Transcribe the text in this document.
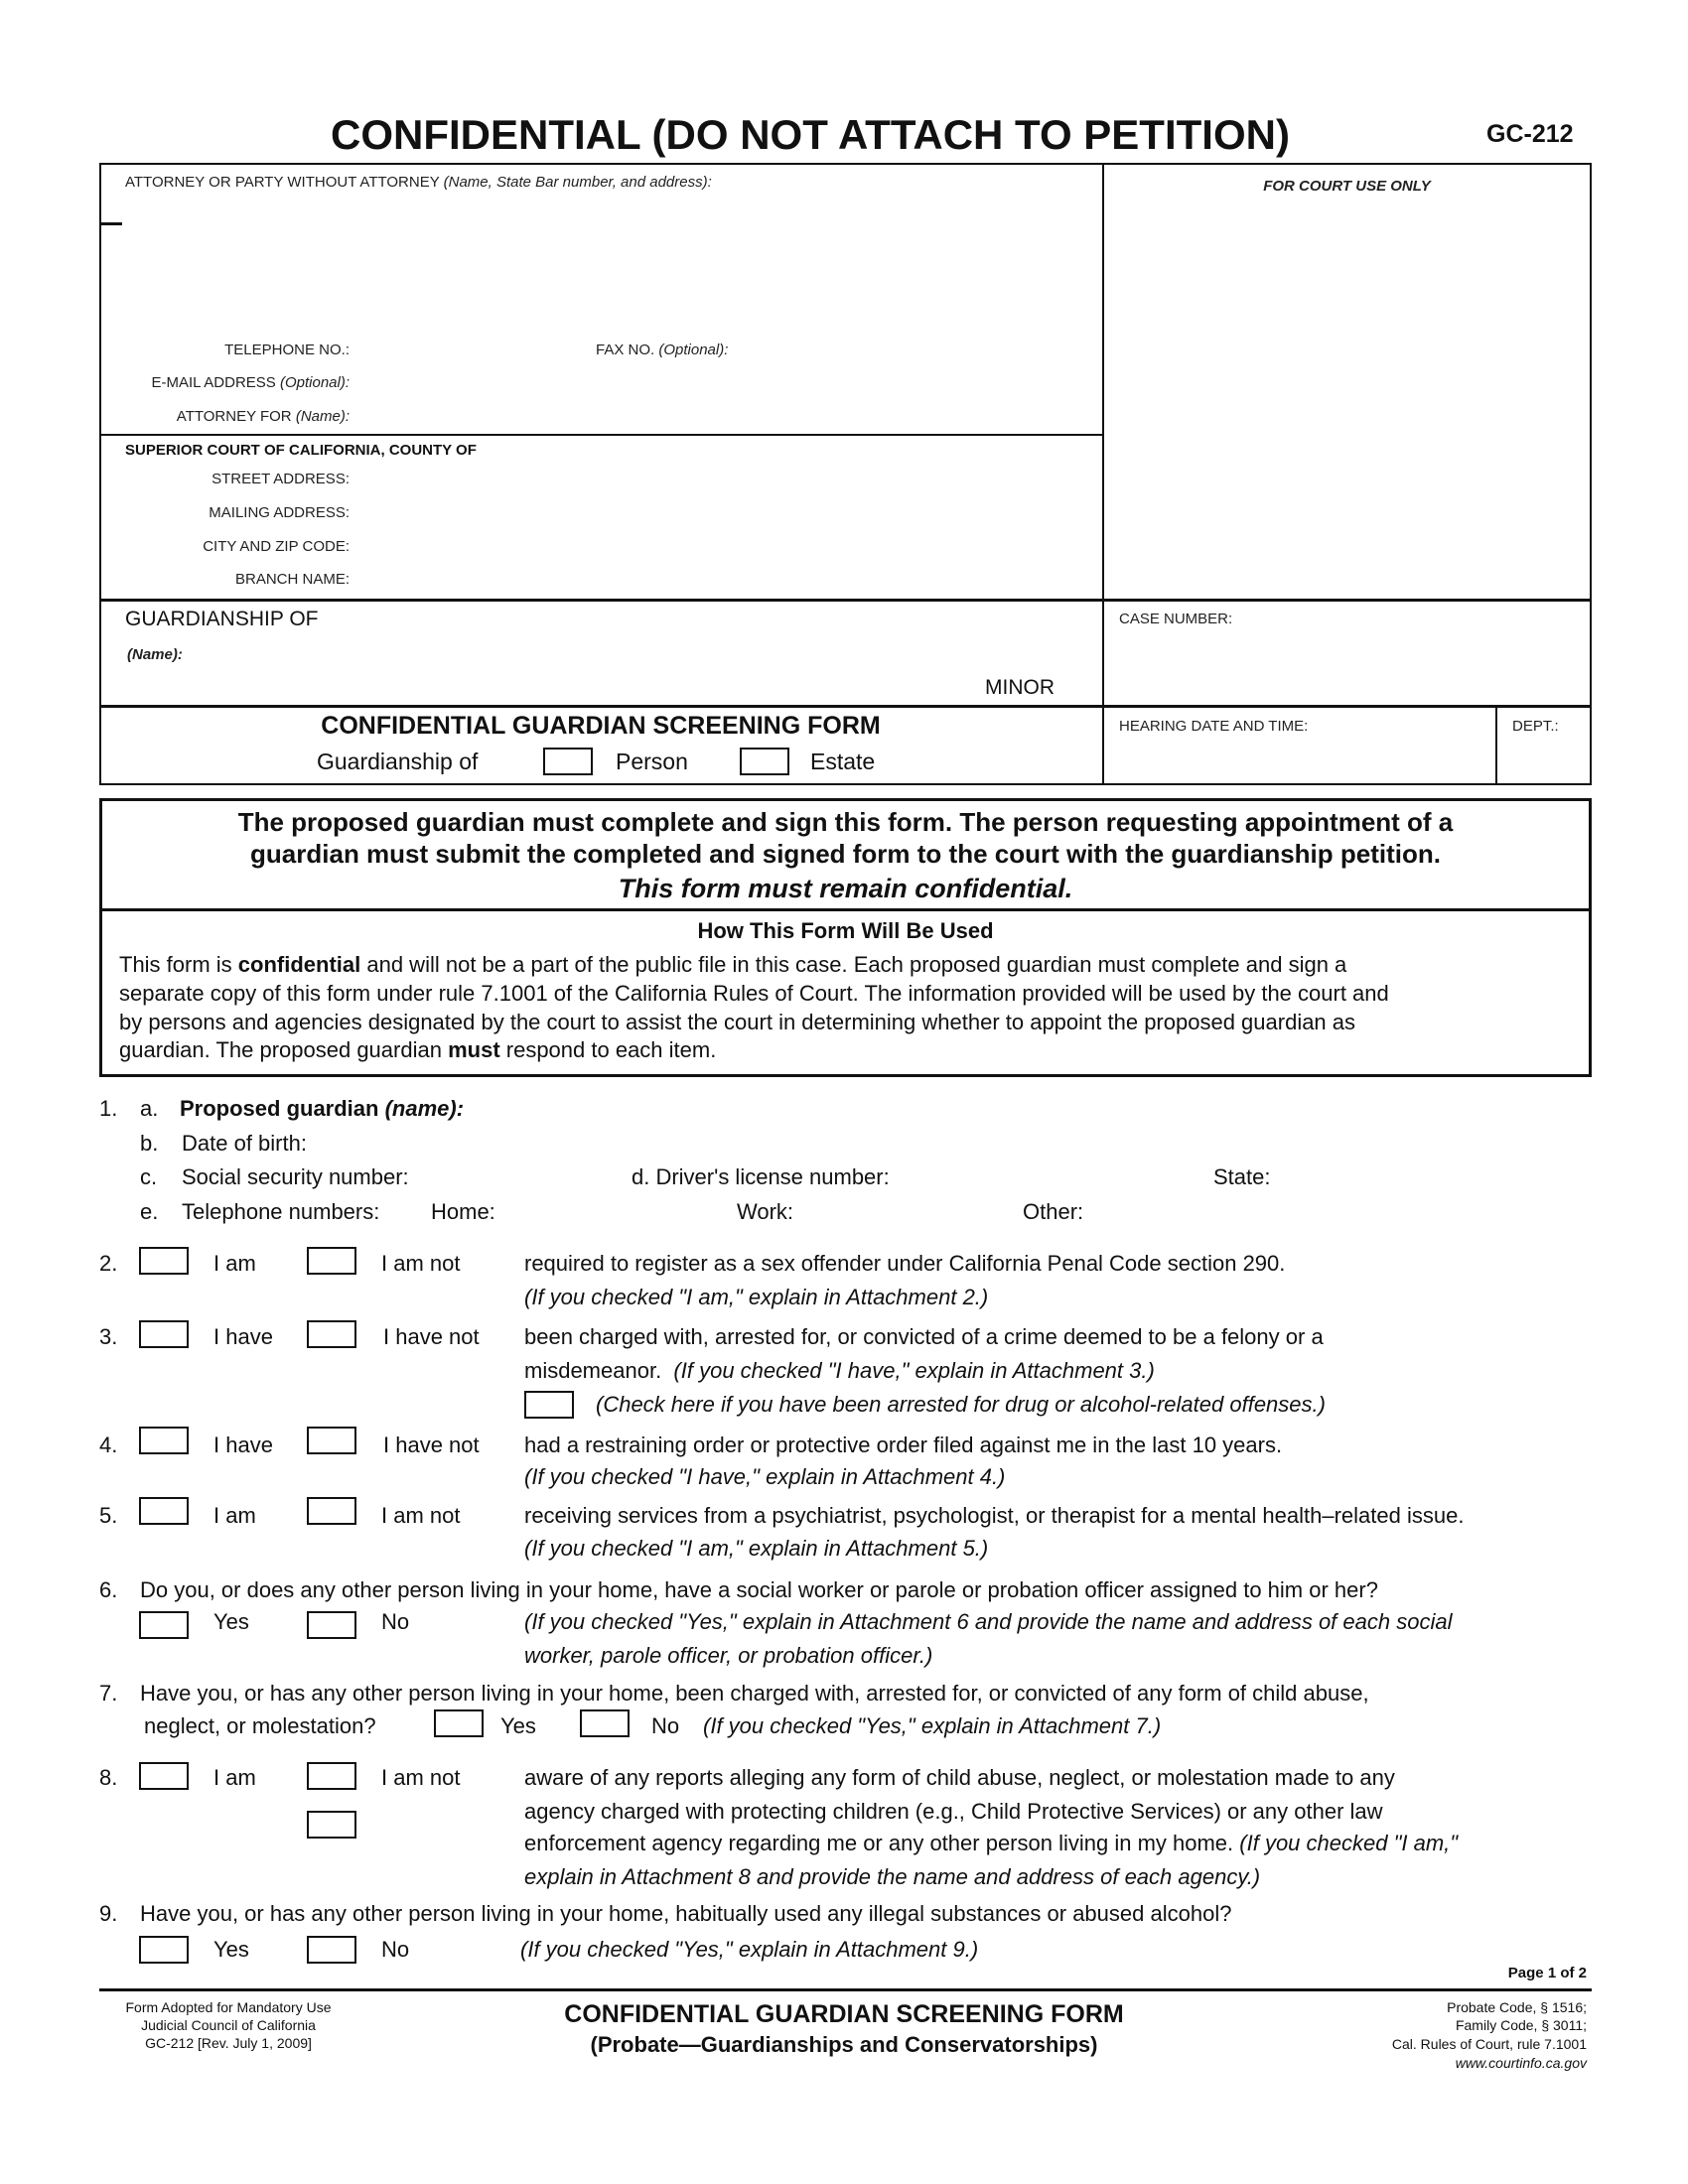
CONFIDENTIAL (DO NOT ATTACH TO PETITION)	GC-212
ATTORNEY OR PARTY WITHOUT ATTORNEY (Name, State Bar number, and address):	FOR COURT USE ONLY
TELEPHONE NO.:	FAX NO. (Optional):
E-MAIL ADDRESS (Optional):
ATTORNEY FOR (Name):
SUPERIOR COURT OF CALIFORNIA, COUNTY OF
STREET ADDRESS:
MAILING ADDRESS:
CITY AND ZIP CODE:
BRANCH NAME:
GUARDIANSHIP OF
(Name):
MINOR
CASE NUMBER:
CONFIDENTIAL GUARDIAN SCREENING FORM
Guardianship of	Person	Estate
HEARING DATE AND TIME:	DEPT.:
The proposed guardian must complete and sign this form. The person requesting appointment of a
guardian must submit the completed and signed form to the court with the guardianship petition.
This form must remain confidential.
How This Form Will Be Used
This form is confidential and will not be a part of the public file in this case. Each proposed guardian must complete and sign a
separate copy of this form under rule 7.1001 of the California Rules of Court. The information provided will be used by the court and
by persons and agencies designated by the court to assist the court in determining whether to appoint the proposed guardian as
guardian. The proposed guardian must respond to each item.
1. a. Proposed guardian (name):
b. Date of birth:
c. Social security number:	d. Driver's license number:	State:
e. Telephone numbers: Home:	Work:	Other:
2.	I am	I am not	required to register as a sex offender under California Penal Code section 290.
(If you checked "I am," explain in Attachment 2.)
3.	I have	I have not been charged with, arrested for, or convicted of a crime deemed to be a felony or a
misdemeanor. (If you checked "I have," explain in Attachment 3.)
(Check here if you have been arrested for drug or alcohol-related offenses.)
4.	I have	I have not had a restraining order or protective order filed against me in the last 10 years.
(If you checked "I have," explain in Attachment 4.)
5.	I am	I am not	receiving services from a psychiatrist, psychologist, or therapist for a mental health–related issue.
(If you checked "I am," explain in Attachment 5.)
6. Do you, or does any other person living in your home, have a social worker or parole or probation officer assigned to him or her?
Yes	No	(If you checked "Yes," explain in Attachment 6 and provide the name and address of each social
worker, parole officer, or probation officer.)
7. Have you, or has any other person living in your home, been charged with, arrested for, or convicted of any form of child abuse,
neglect, or molestation?	Yes	No (If you checked "Yes," explain in Attachment 7.)
8.	I am	I am not	aware of any reports alleging any form of child abuse, neglect, or molestation made to any
agency charged with protecting children (e.g., Child Protective Services) or any other law
enforcement agency regarding me or any other person living in my home. (If you checked "I am,"
explain in Attachment 8 and provide the name and address of each agency.)
9. Have you, or has any other person living in your home, habitually used any illegal substances or abused alcohol?
Yes	No	(If you checked "Yes," explain in Attachment 9.)
Page 1 of 2
Form Adopted for Mandatory Use
Judicial Council of California
GC-212 [Rev. July 1, 2009]
CONFIDENTIAL GUARDIAN SCREENING FORM
(Probate—Guardianships and Conservatorships)
Probate Code, § 1516;
Family Code, § 3011;
Cal. Rules of Court, rule 7.1001
www.courtinfo.ca.gov
